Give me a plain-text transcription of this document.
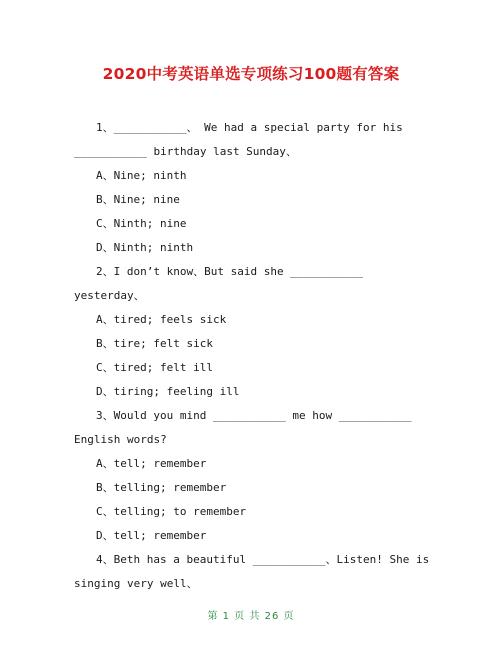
2020中考英语单选专项练习100题有答案
1、___________、 We had a special party for his
___________ birthday last Sunday、
A、Nine; ninth
B、Nine; nine
C、Ninth; nine
D、Ninth; ninth
2、I don’t know、But said she ___________
yesterday、
A、tired; feels sick
B、tire; felt sick
C、tired; felt ill
D、tiring; feeling ill
3、Would you mind ___________ me how ___________
English words?
A、tell; remember
B、telling; remember
C、telling; to remember
D、tell; remember
4、Beth has a beautiful ___________、Listen! She is
singing very well、
第 1 页 共 26 页
